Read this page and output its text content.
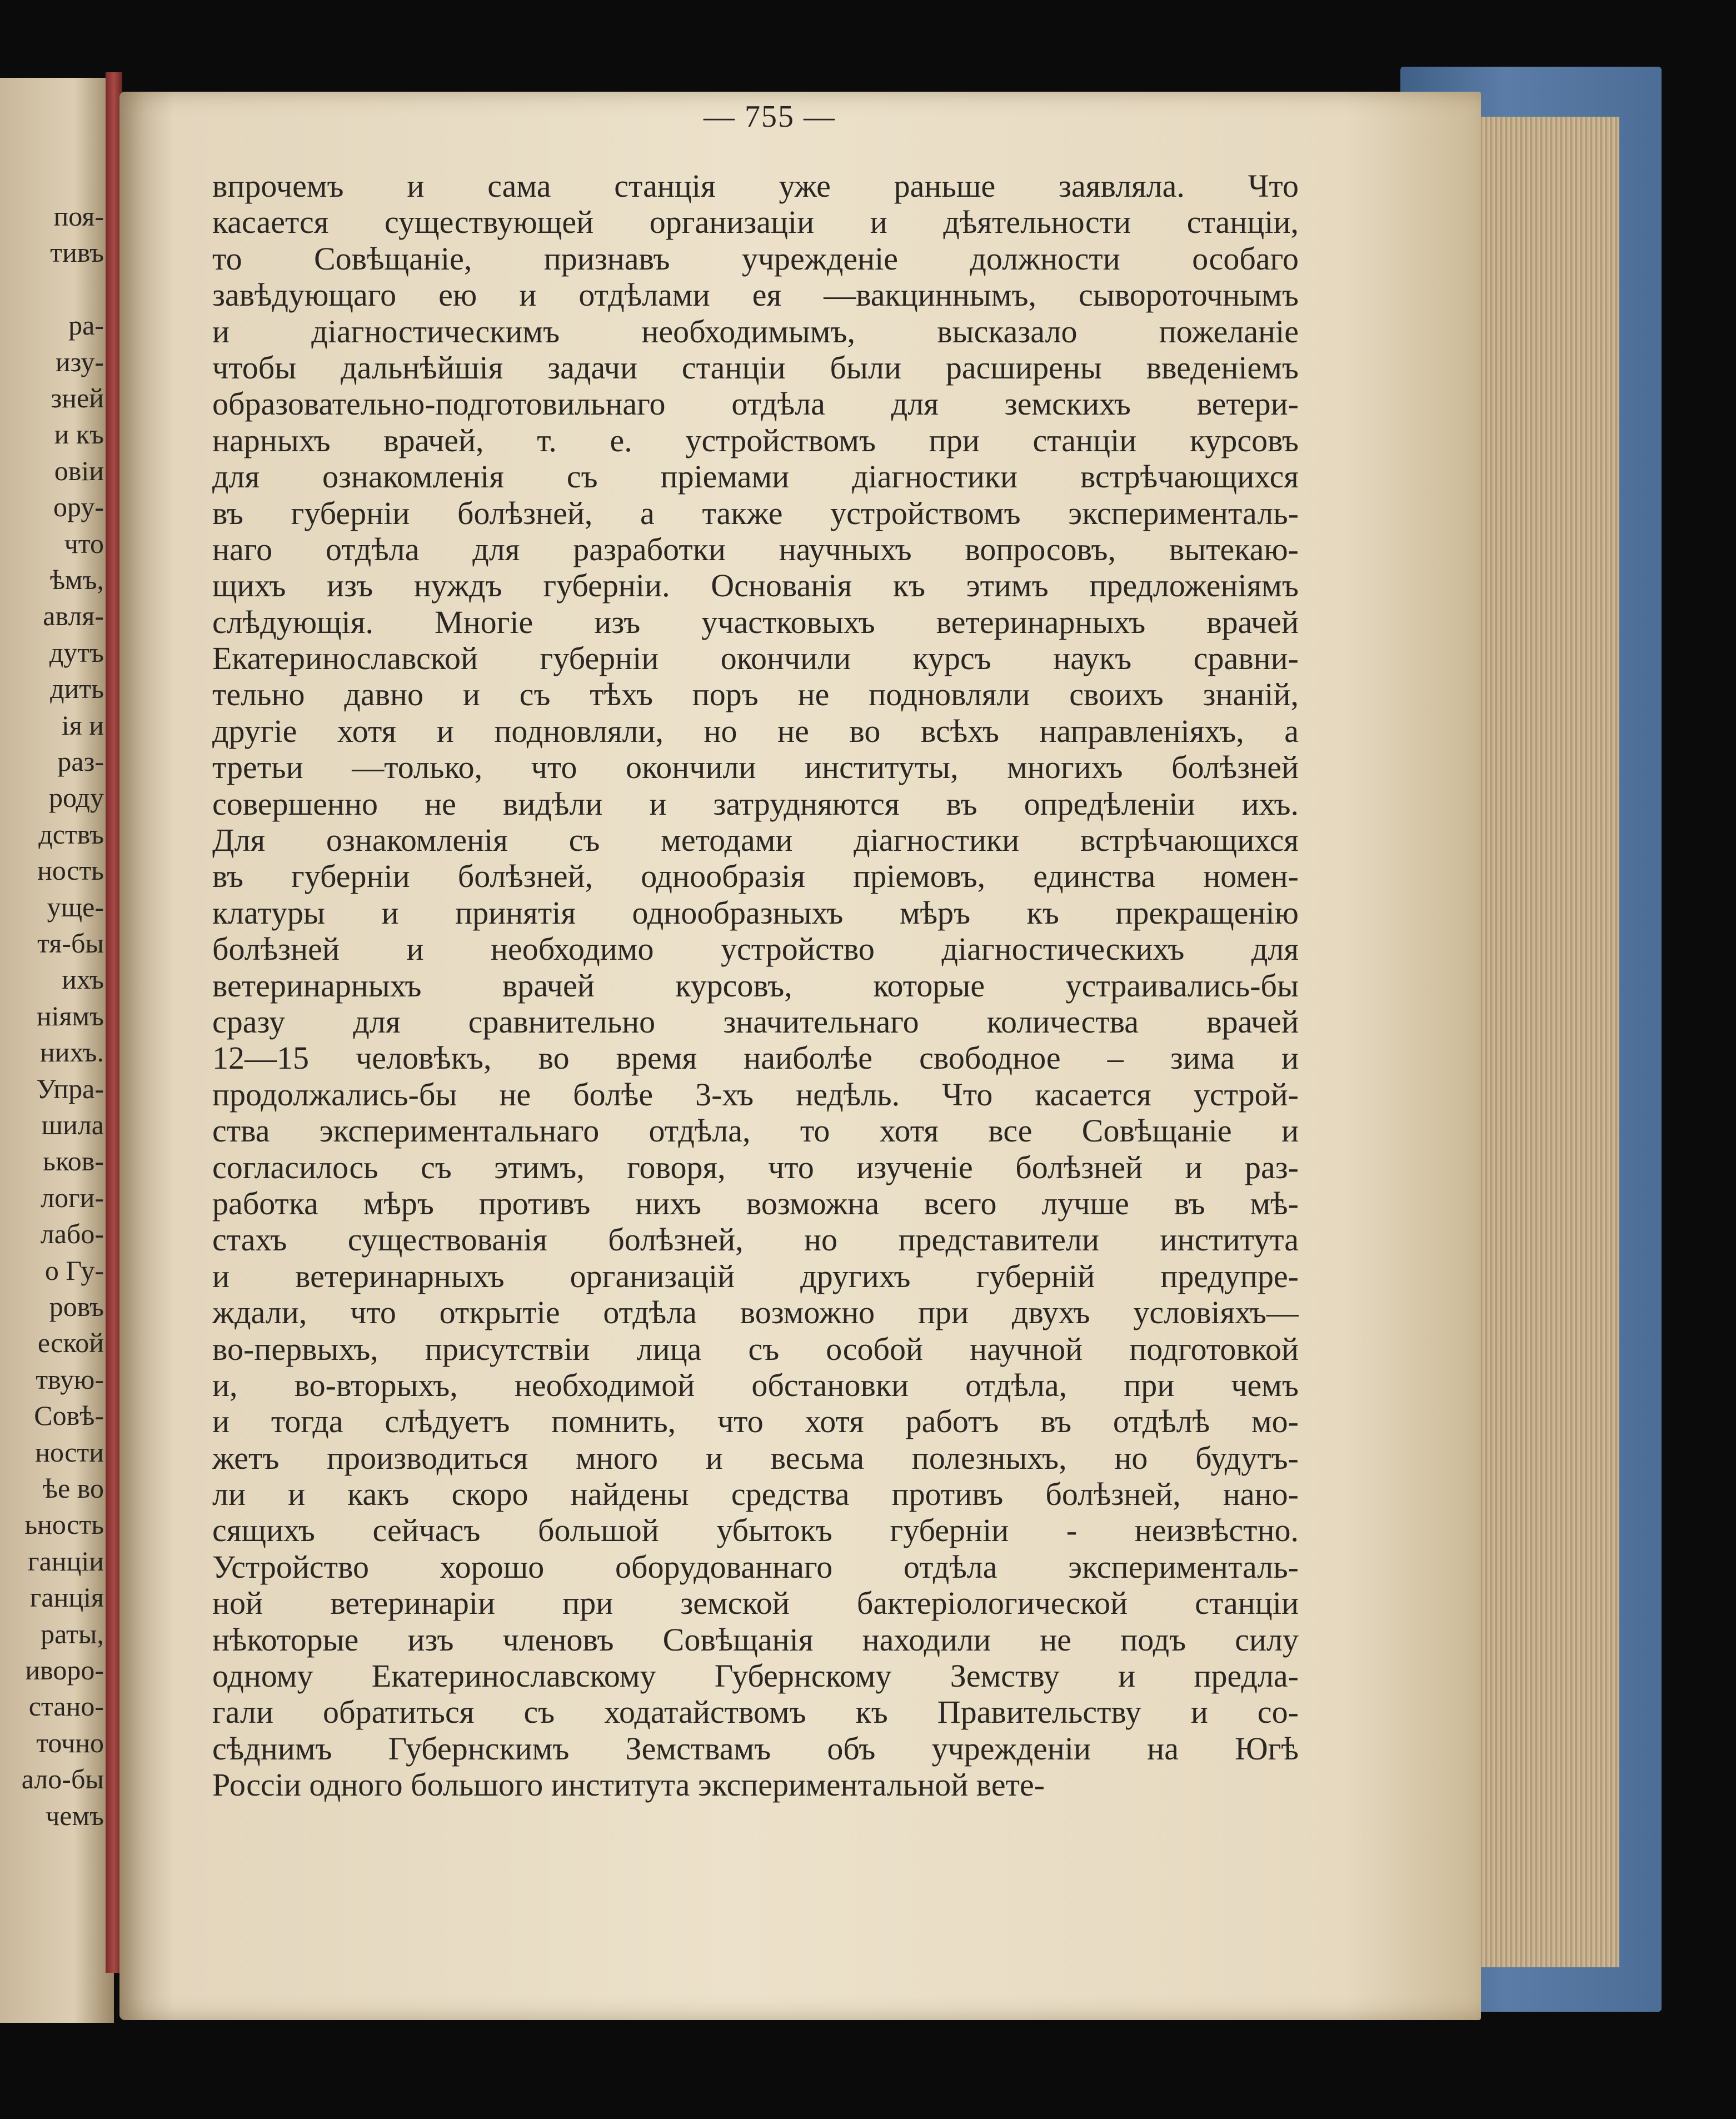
поя-
тивъ
ра-
изу-
зней
и къ
овіи
ору-
что
ѣмъ,
авля-
дутъ
дить
ія и
раз-
роду
дствъ
ность
уще-
тя-бы
ихъ
ніямъ
нихъ.
Упра-
шила
ьков-
логи-
лабо-
о Гу-
ровъ
еской
твую-
Совѣ-
ности
ѣе во
ьность
ганціи
ганція
раты,
иворо-
стано-
точно
ало-бы
чемъ
— 755 —
впрочемъ и сама станція уже раньше заявляла. Что
касается существующей организаціи и дѣятельности станціи,
то Совѣщаніе, признавъ учрежденіе должности особаго
завѣдующаго ею и отдѣлами ея —вакциннымъ, сывороточнымъ
и діагностическимъ необходимымъ, высказало пожеланіе
чтобы дальнѣйшія задачи станціи были расширены введеніемъ
образовательно-подготовильнаго отдѣла для земскихъ ветери-
нарныхъ врачей, т. е. устройствомъ при станціи курсовъ
для ознакомленія съ пріемами діагностики встрѣчающихся
въ губерніи болѣзней, а также устройствомъ эксперименталь-
наго отдѣла для разработки научныхъ вопросовъ, вытекаю-
щихъ изъ нуждъ губерніи. Основанія къ этимъ предложеніямъ
слѣдующія. Многіе изъ участковыхъ ветеринарныхъ врачей
Екатеринославской губерніи окончили курсъ наукъ сравни-
тельно давно и съ тѣхъ поръ не подновляли своихъ знаній,
другіе хотя и подновляли, но не во всѣхъ направленіяхъ, а
третьи —только, что окончили институты, многихъ болѣзней
совершенно не видѣли и затрудняются въ опредѣленіи ихъ.
Для ознакомленія съ методами діагностики встрѣчающихся
въ губерніи болѣзней, однообразія пріемовъ, единства номен-
клатуры и принятія однообразныхъ мѣръ къ прекращенію
болѣзней и необходимо устройство діагностическихъ для
ветеринарныхъ врачей курсовъ, которые устраивались-бы
сразу для сравнительно значительнаго количества врачей
12—15 человѣкъ, во время наиболѣе свободное – зима и
продолжались-бы не болѣе 3-хъ недѣль. Что касается устрой-
ства экспериментальнаго отдѣла, то хотя все Совѣщаніе и
согласилось съ этимъ, говоря, что изученіе болѣзней и раз-
работка мѣръ противъ нихъ возможна всего лучше въ мѣ-
стахъ существованія болѣзней, но представители института
и ветеринарныхъ организацій другихъ губерній предупре-
ждали, что открытіе отдѣла возможно при двухъ условіяхъ—
во-первыхъ, присутствіи лица съ особой научной подготовкой
и, во-вторыхъ, необходимой обстановки отдѣла, при чемъ
и тогда слѣдуетъ помнить, что хотя работъ въ отдѣлѣ мо-
жетъ производиться много и весьма полезныхъ, но будутъ-
ли и какъ скоро найдены средства противъ болѣзней, нано-
сящихъ сейчасъ большой убытокъ губерніи - неизвѣстно.
Устройство хорошо оборудованнаго отдѣла эксперименталь-
ной ветеринаріи при земской бактеріологической станціи
нѣкоторые изъ членовъ Совѣщанія находили не подъ силу
одному Екатеринославскому Губернскому Земству и предла-
гали обратиться съ ходатайствомъ къ Правительству и со-
сѣднимъ Губернскимъ Земствамъ объ учрежденіи на Югѣ
Россіи одного большого института экспериментальной вете-
